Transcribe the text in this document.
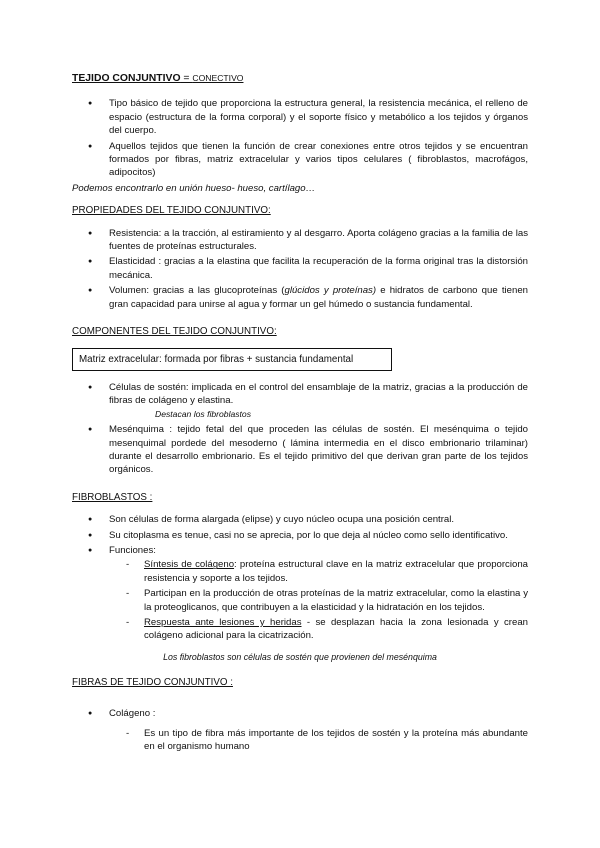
TEJIDO CONJUNTIVO = CONECTIVO
● Tipo básico de tejido que proporciona la estructura general, la resistencia mecánica, el relleno de espacio (estructura de la forma corporal) y el soporte físico y metabólico a los tejidos y órganos del cuerpo.
● Aquellos tejidos que tienen la función de crear conexiones entre otros tejidos y se encuentran formados por fibras, matriz extracelular y varios tipos celulares ( fibroblastos, macrofágos, adipocitos)
Podemos encontrarlo en unión hueso- hueso, cartílago…
PROPIEDADES DEL TEJIDO CONJUNTIVO:
● Resistencia: a la tracción, al estiramiento y al desgarro. Aporta colágeno gracias a la familia de las fuentes de proteínas estructurales.
● Elasticidad : gracias a la elastina que facilita la recuperación de la forma original tras la distorsión mecánica.
● Volumen: gracias a las glucoproteínas (glúcidos y proteínas) e hidratos de carbono que tienen gran capacidad para unirse al agua y formar un gel húmedo o sustancia fundamental.
COMPONENTES DEL TEJIDO CONJUNTIVO:
Matriz extracelular: formada por fibras + sustancia fundamental
● Células de sostén: implicada en el control del ensamblaje de la matriz, gracias a la producción de fibras de colágeno y elastina.
Destacan los fibroblastos
● Mesénquima : tejido fetal del que proceden las células de sostén. El mesénquima o tejido mesenquimal pordede del mesoderno ( lámina intermedia en el disco embrionario trilaminar) durante el desarrollo embrionario. Es el tejido primitivo del que derivan gran parte de los tejidos orgánicos.
FIBROBLASTOS :
● Son células de forma alargada (elipse) y cuyo núcleo ocupa una posición central.
● Su citoplasma es tenue, casi no se aprecia, por lo que deja al núcleo como sello identificativo.
● Funciones:
- Síntesis de colágeno: proteína estructural clave en la matriz extracelular que proporciona resistencia y soporte a los tejidos.
- Participan en la producción de otras proteínas de la matriz extracelular, como la elastina y la proteoglicanos, que contribuyen a la elasticidad y la hidratación en los tejidos.
- Respuesta ante lesiones y heridas - se desplazan hacia la zona lesionada y crean colágeno adicional para la cicatrización.
Los fibroblastos son células de sostén que provienen del mesénquima
FIBRAS DE TEJIDO CONJUNTIVO :
● Colágeno :
- Es un tipo de fibra más importante de los tejidos de sostén y la proteína más abundante en el organismo humano
